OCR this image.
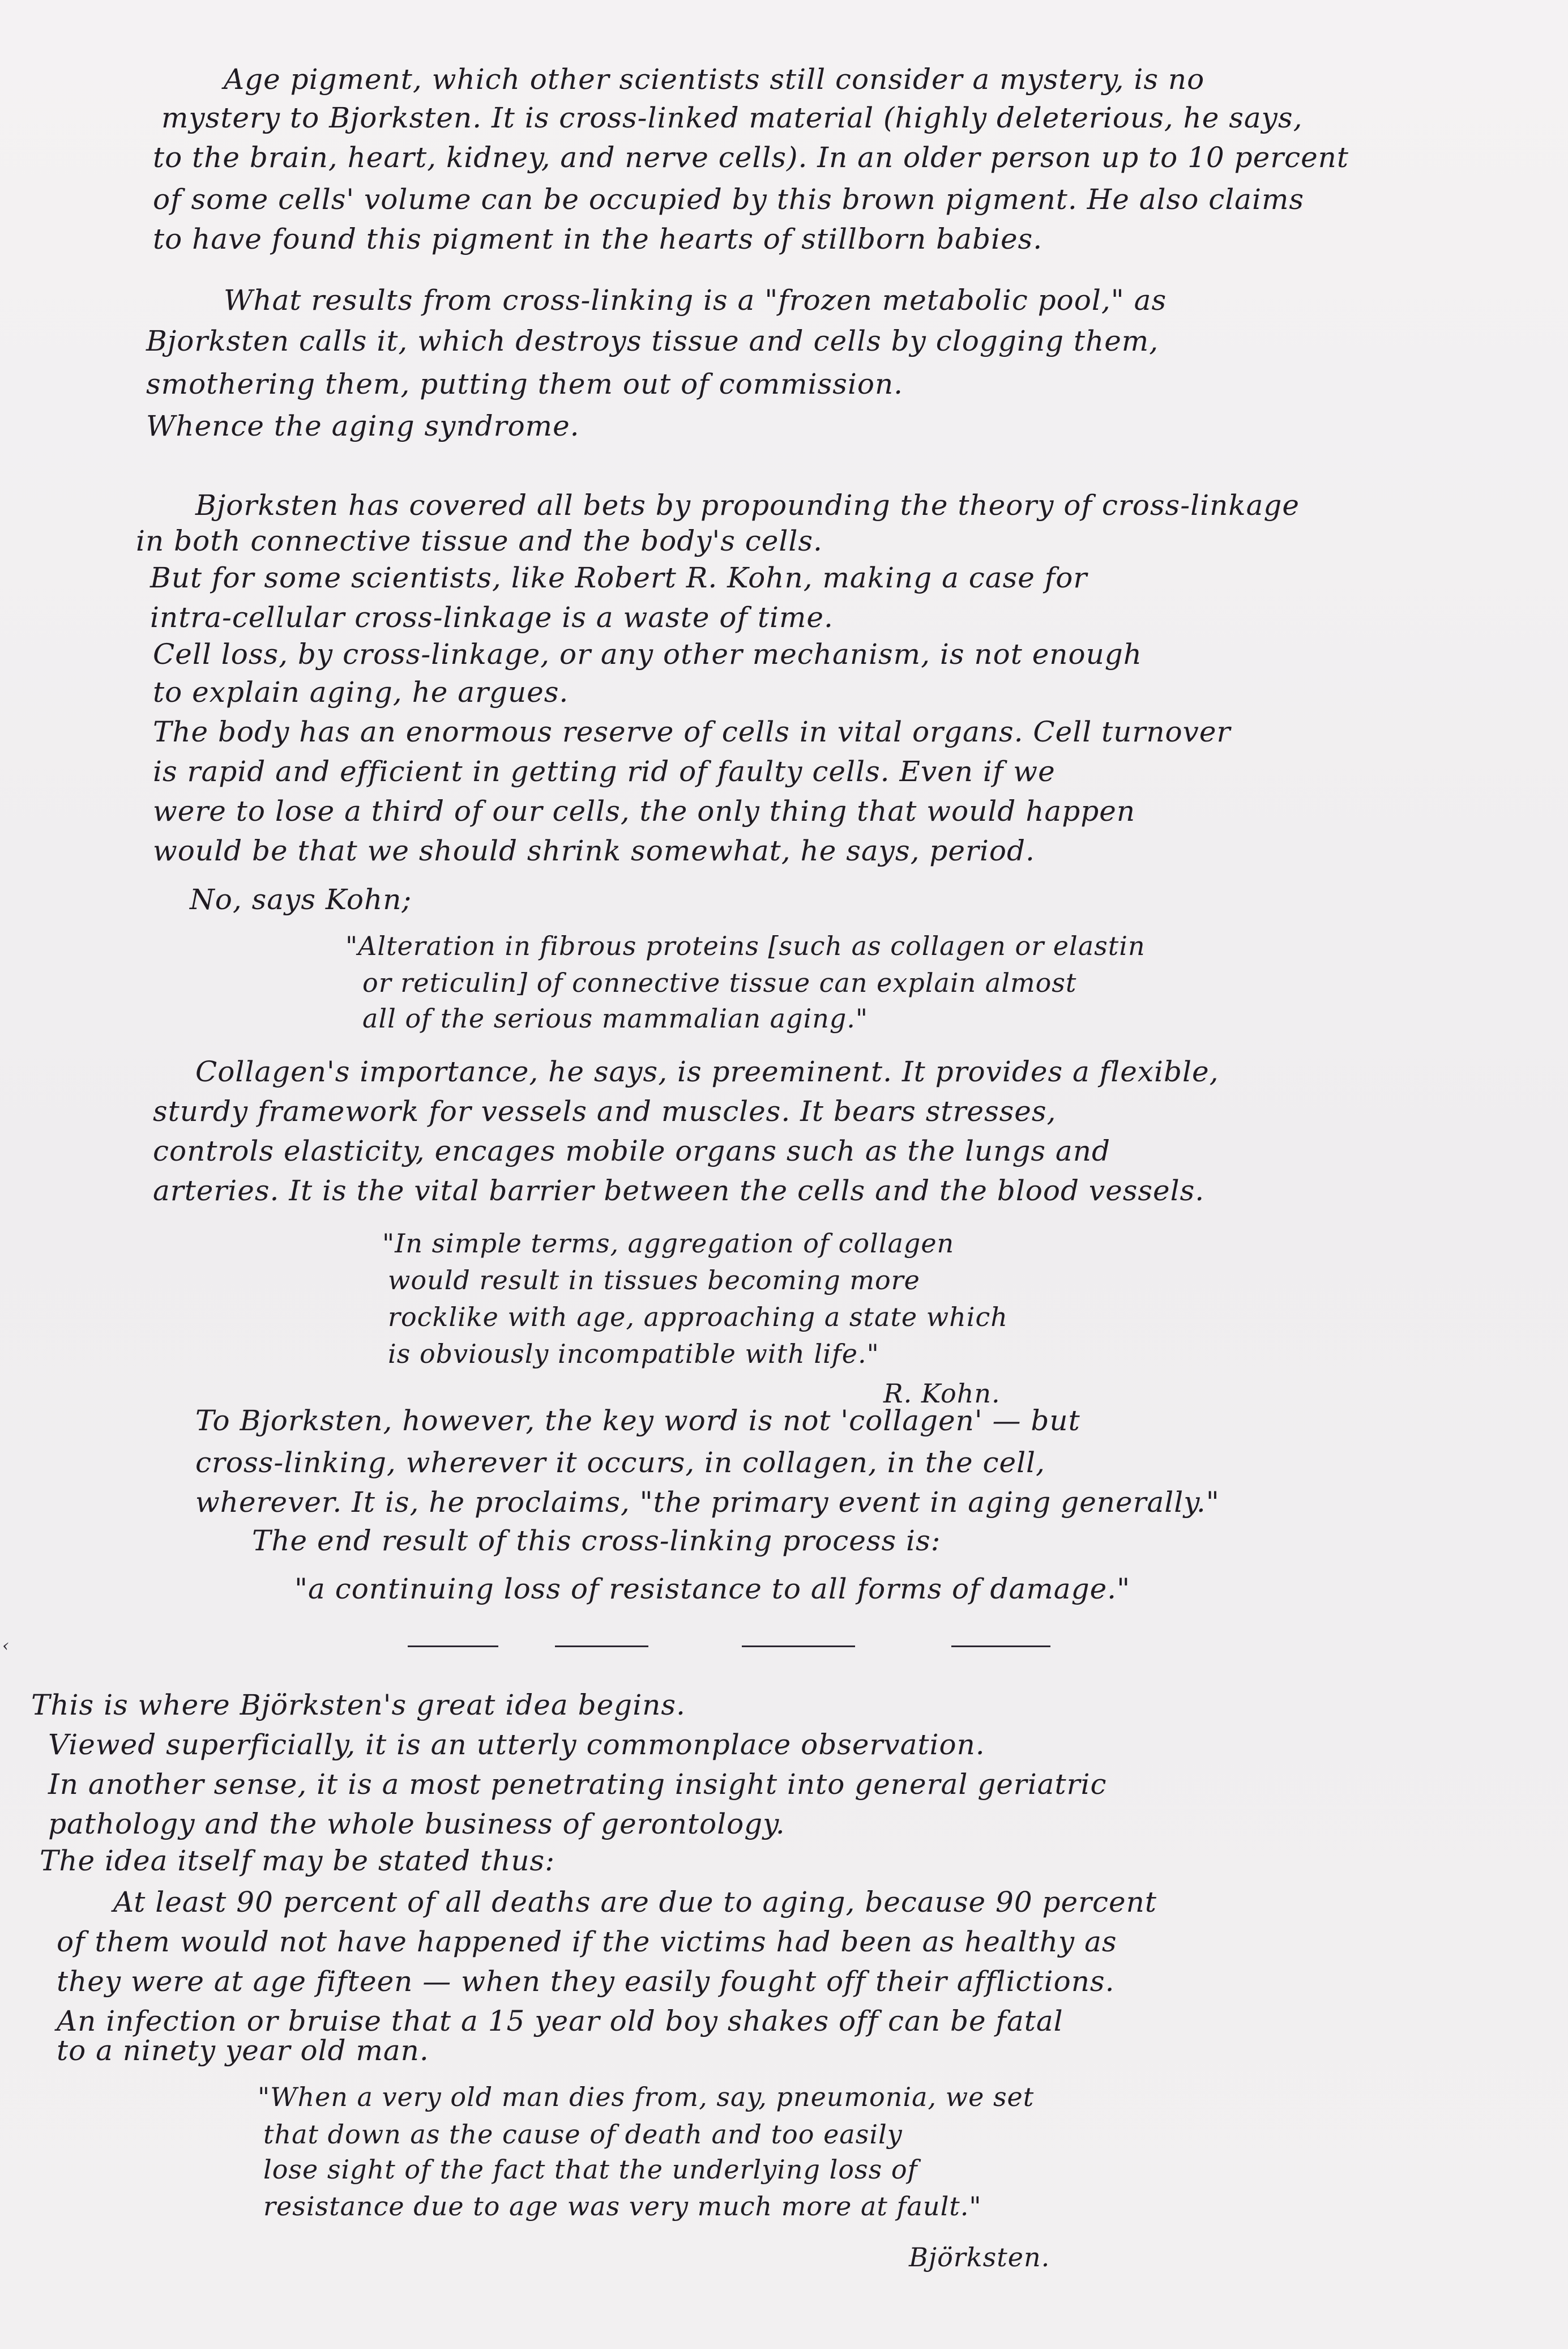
Age pigment, which other scientists still consider a mystery, is no
mystery to Bjorksten. It is cross-linked material (highly deleterious, he says,
to the brain, heart, kidney, and nerve cells). In an older person up to 10 percent
of some cells' volume can be occupied by this brown pigment. He also claims
to have found this pigment in the hearts of stillborn babies.
What results from cross-linking is a "frozen metabolic pool," as
Bjorksten calls it, which destroys tissue and cells by clogging them,
smothering them, putting them out of commission.
Whence the aging syndrome.
Bjorksten has covered all bets by propounding the theory of cross-linkage
in both connective tissue and the body's cells.
But for some scientists, like Robert R. Kohn, making a case for
intra-cellular cross-linkage is a waste of time.
Cell loss, by cross-linkage, or any other mechanism, is not enough
to explain aging, he argues.
The body has an enormous reserve of cells in vital organs. Cell turnover
is rapid and efficient in getting rid of faulty cells. Even if we
were to lose a third of our cells, the only thing that would happen
would be that we should shrink somewhat, he says, period.
No, says Kohn;
"Alteration in fibrous proteins [such as collagen or elastin
or reticulin] of connective tissue can explain almost
all of the serious mammalian aging."
Collagen's importance, he says, is preeminent. It provides a flexible,
sturdy framework for vessels and muscles. It bears stresses,
controls elasticity, encages mobile organs such as the lungs and
arteries. It is the vital barrier between the cells and the blood vessels.
"In simple terms, aggregation of collagen
would result in tissues becoming more
rocklike with age, approaching a state which
is obviously incompatible with life."
R. Kohn.
To Bjorksten, however, the key word is not 'collagen' — but
cross-linking, wherever it occurs, in collagen, in the cell,
wherever. It is, he proclaims, "the primary event in aging generally."
The end result of this cross-linking process is:
"a continuing loss of resistance to all forms of damage."
This is where Björksten's great idea begins.
Viewed superficially, it is an utterly commonplace observation.
In another sense, it is a most penetrating insight into general geriatric
pathology and the whole business of gerontology.
The idea itself may be stated thus:
At least 90 percent of all deaths are due to aging, because 90 percent
of them would not have happened if the victims had been as healthy as
they were at age fifteen — when they easily fought off their afflictions.
An infection or bruise that a 15 year old boy shakes off can be fatal
to a ninety year old man.
"When a very old man dies from, say, pneumonia, we set
that down as the cause of death and too easily
lose sight of the fact that the underlying loss of
resistance due to age was very much more at fault."
Björksten.
‹
